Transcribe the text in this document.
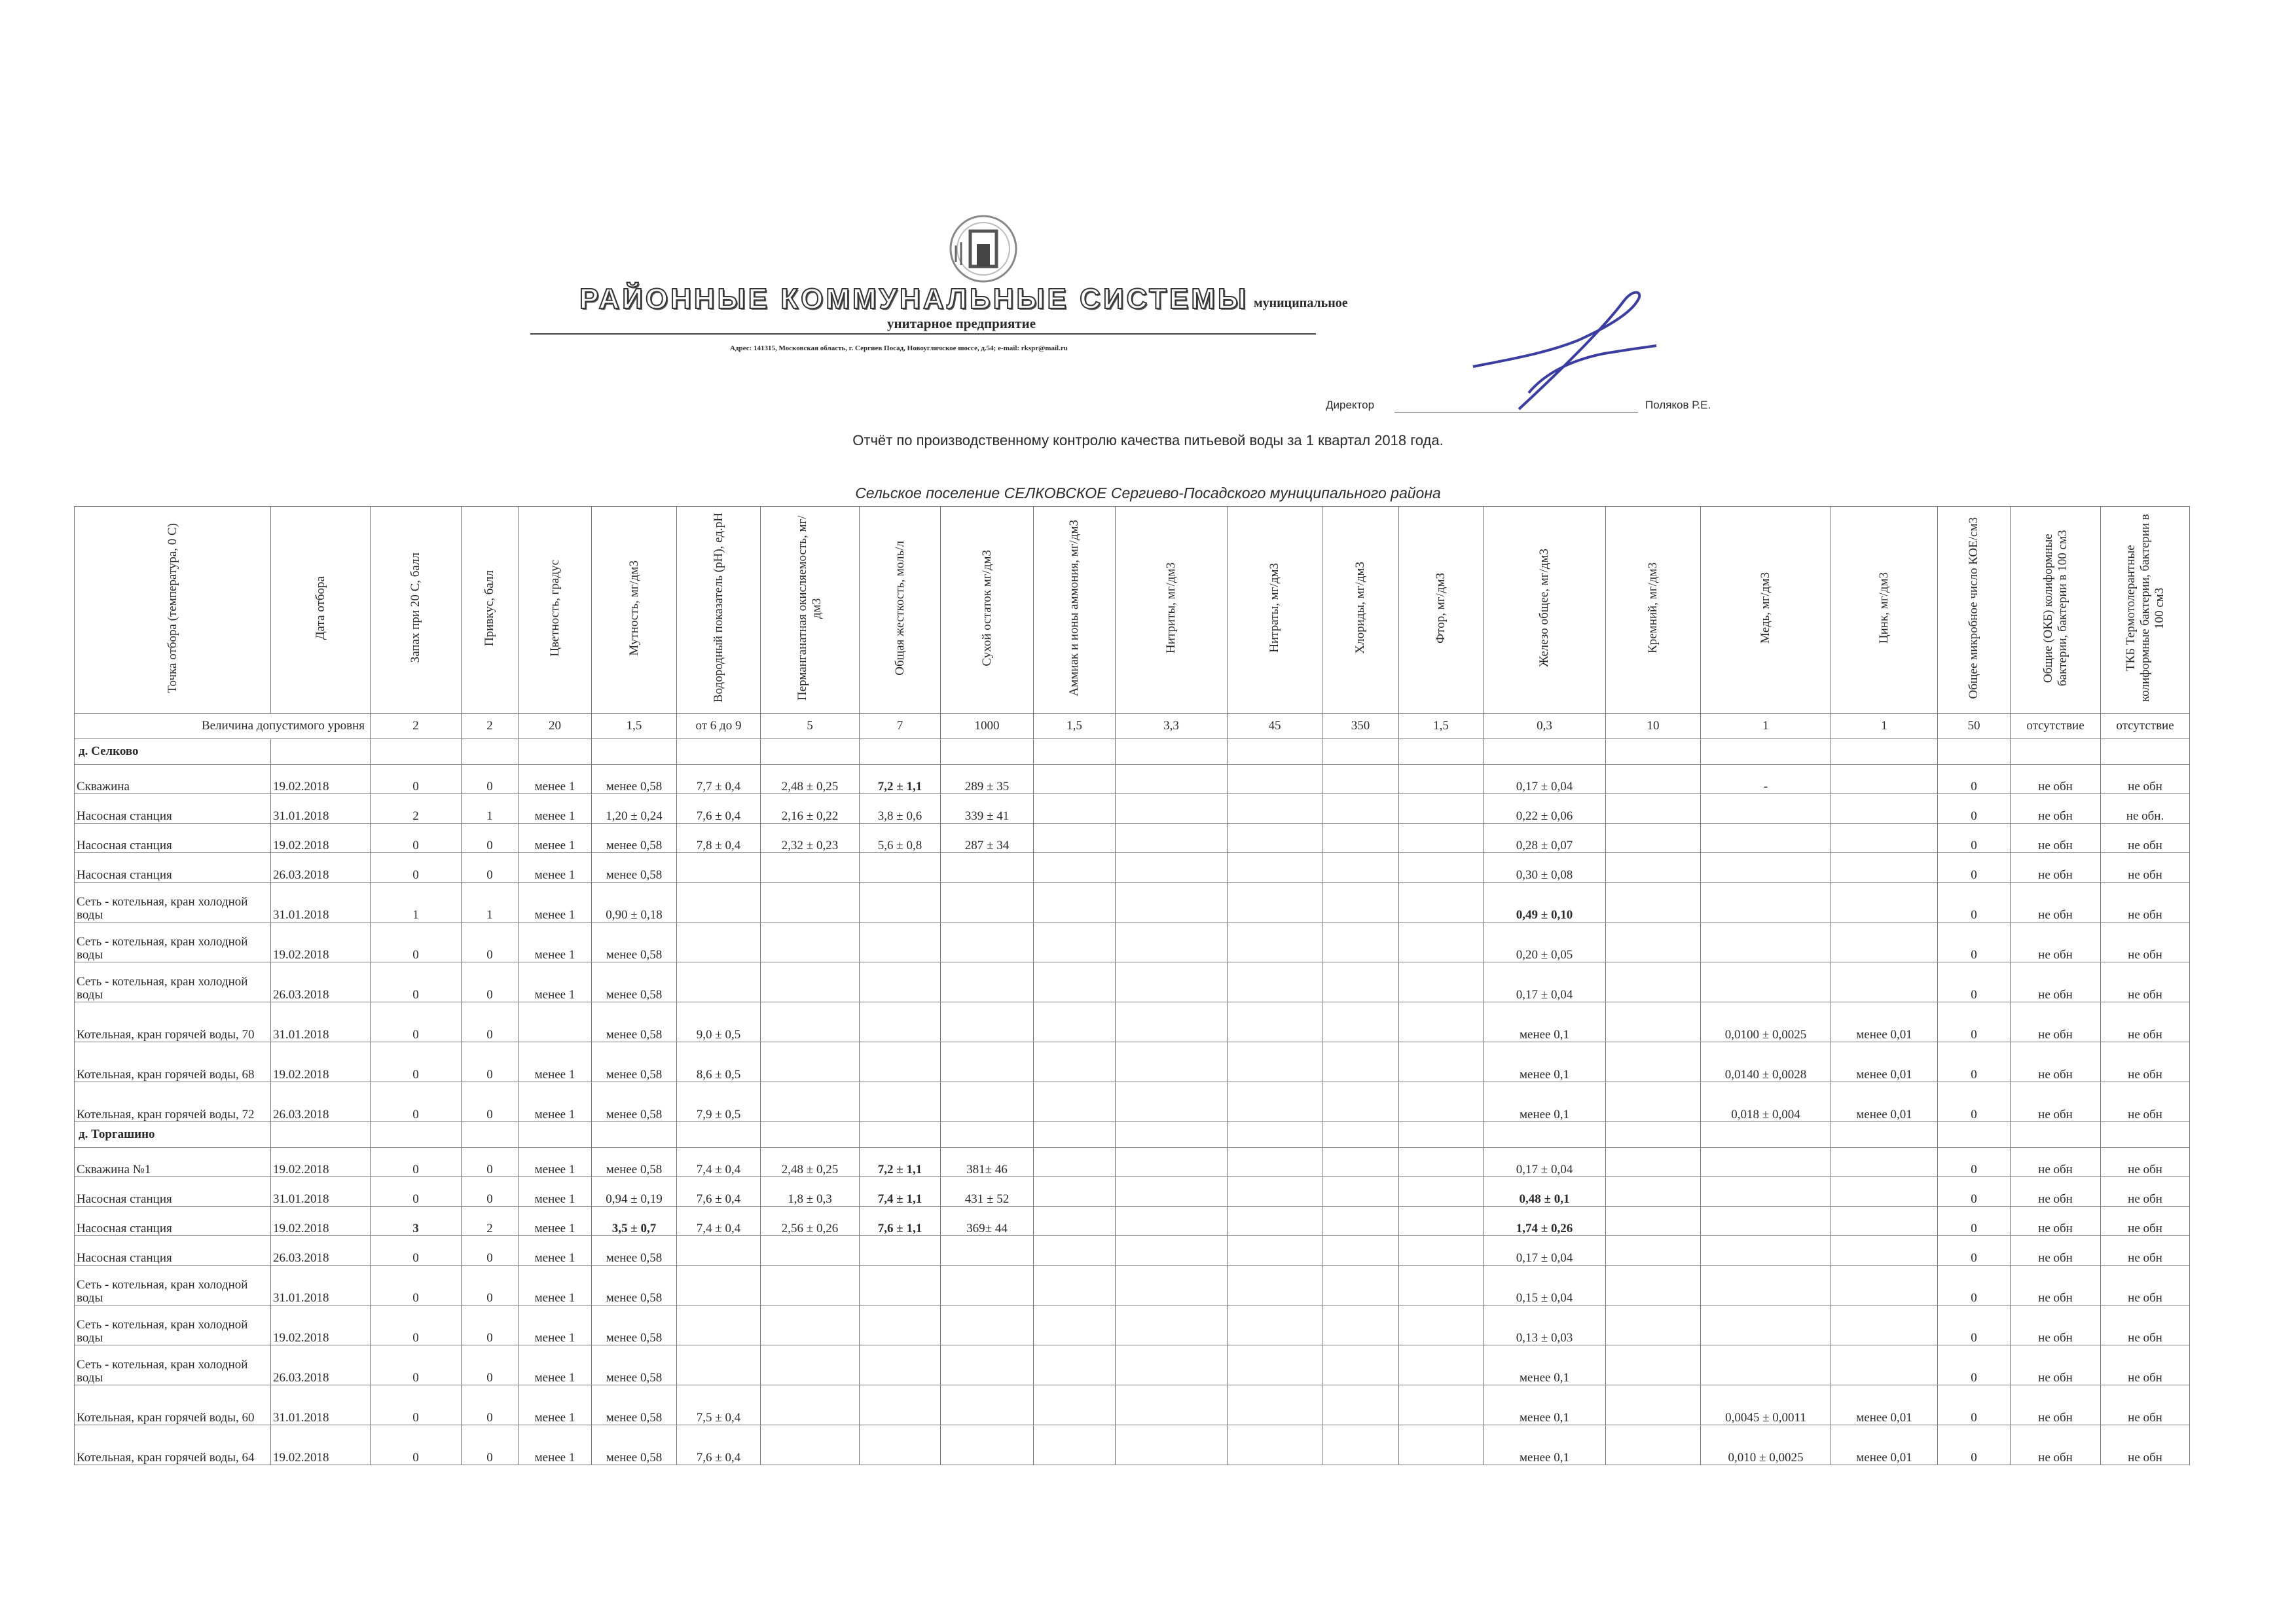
РАЙОННЫЕ КОММУНАЛЬНЫЕ СИСТЕМЫ муниципальное
унитарное предприятие
Адрес: 141315, Московская область, г. Сергиев Посад, Новоугличское шоссе, д.54; e-mail: rkspr@mail.ru
Директор	Поляков Р.Е.
Отчёт по производственному контролю качества питьевой воды за 1 квартал 2018 года.
Сельское поселение СЕЛКОВСКОЕ Сергиево-Посадского муниципального района
Точка отбора (температура, 0 С)	Дата отбора	Запах при 20 С, балл	Привкус, балл	Цветность, градус	Мутность, мг/дм3	Водородный показатель (pH), ед.pH	Перманганатная окисляемость, мг/дм3	Общая жесткость, моль/л	Сухой остаток мг/дм3	Аммиак и ионы аммония, мг/дм3	Нитриты, мг/дм3	Нитраты, мг/дм3	Хлориды, мг/дм3	Фтор, мг/дм3	Железо общее, мг/дм3	Кремний, мг/дм3	Медь, мг/дм3	Цинк, мг/дм3	Общее микробное число КОЕ/см3	Общие (ОКБ) колиформные бактерии, бактерии в 100 см3	ТКБ Термотолерантные колиформные бактерии, бактерии в 100 см3
Величина допустимого уровня		2	2	20	1,5	от 6 до 9	5	7	1000	1,5	3,3	45	350	1,5	0,3	10	1	1	50	отсутствие	отсутствие
д. Селково																					
Скважина	19.02.2018	0	0	менее 1	менее 0,58	7,7 ± 0,4	2,48 ± 0,25	7,2 ± 1,1	289 ± 35						0,17 ± 0,04		-		0	не обн	не обн
Насосная станция	31.01.2018	2	1	менее 1	1,20 ± 0,24	7,6 ± 0,4	2,16 ± 0,22	3,8 ± 0,6	339 ± 41						0,22 ± 0,06				0	не обн	не обн.
Насосная станция	19.02.2018	0	0	менее 1	менее 0,58	7,8 ± 0,4	2,32 ± 0,23	5,6 ± 0,8	287 ± 34						0,28 ± 0,07				0	не обн	не обн
Насосная станция	26.03.2018	0	0	менее 1	менее 0,58										0,30 ± 0,08				0	не обн	не обн
Сеть - котельная, кран холодной воды	31.01.2018	1	1	менее 1	0,90 ± 0,18										0,49 ± 0,10				0	не обн	не обн
Сеть - котельная, кран холодной воды	19.02.2018	0	0	менее 1	менее 0,58										0,20 ± 0,05				0	не обн	не обн
Сеть - котельная, кран холодной воды	26.03.2018	0	0	менее 1	менее 0,58										0,17 ± 0,04				0	не обн	не обн
Котельная, кран горячей воды, 70	31.01.2018	0	0		менее 0,58	9,0 ± 0,5									менее 0,1		0,0100 ± 0,0025	менее 0,01	0	не обн	не обн
Котельная, кран горячей воды, 68	19.02.2018	0	0	менее 1	менее 0,58	8,6 ± 0,5									менее 0,1		0,0140 ± 0,0028	менее 0,01	0	не обн	не обн
Котельная, кран горячей воды, 72	26.03.2018	0	0	менее 1	менее 0,58	7,9 ± 0,5									менее 0,1		0,018 ± 0,004	менее 0,01	0	не обн	не обн
д. Торгашино																					
Скважина №1	19.02.2018	0	0	менее 1	менее 0,58	7,4 ± 0,4	2,48 ± 0,25	7,2 ± 1,1	381± 46						0,17 ± 0,04				0	не обн	не обн
Насосная станция	31.01.2018	0	0	менее 1	0,94 ± 0,19	7,6 ± 0,4	1,8 ± 0,3	7,4 ± 1,1	431 ± 52						0,48 ± 0,1				0	не обн	не обн
Насосная станция	19.02.2018	3	2	менее 1	3,5 ± 0,7	7,4 ± 0,4	2,56 ± 0,26	7,6 ± 1,1	369± 44						1,74 ± 0,26				0	не обн	не обн
Насосная станция	26.03.2018	0	0	менее 1	менее 0,58										0,17 ± 0,04				0	не обн	не обн
Сеть - котельная, кран холодной воды	31.01.2018	0	0	менее 1	менее 0,58										0,15 ± 0,04				0	не обн	не обн
Сеть - котельная, кран холодной воды	19.02.2018	0	0	менее 1	менее 0,58										0,13 ± 0,03				0	не обн	не обн
Сеть - котельная, кран холодной воды	26.03.2018	0	0	менее 1	менее 0,58										менее 0,1				0	не обн	не обн
Котельная, кран горячей воды, 60	31.01.2018	0	0	менее 1	менее 0,58	7,5 ± 0,4									менее 0,1		0,0045 ± 0,0011	менее 0,01	0	не обн	не обн
Котельная, кран горячей воды, 64	19.02.2018	0	0	менее 1	менее 0,58	7,6 ± 0,4									менее 0,1		0,010 ± 0,0025	менее 0,01	0	не обн	не обн
